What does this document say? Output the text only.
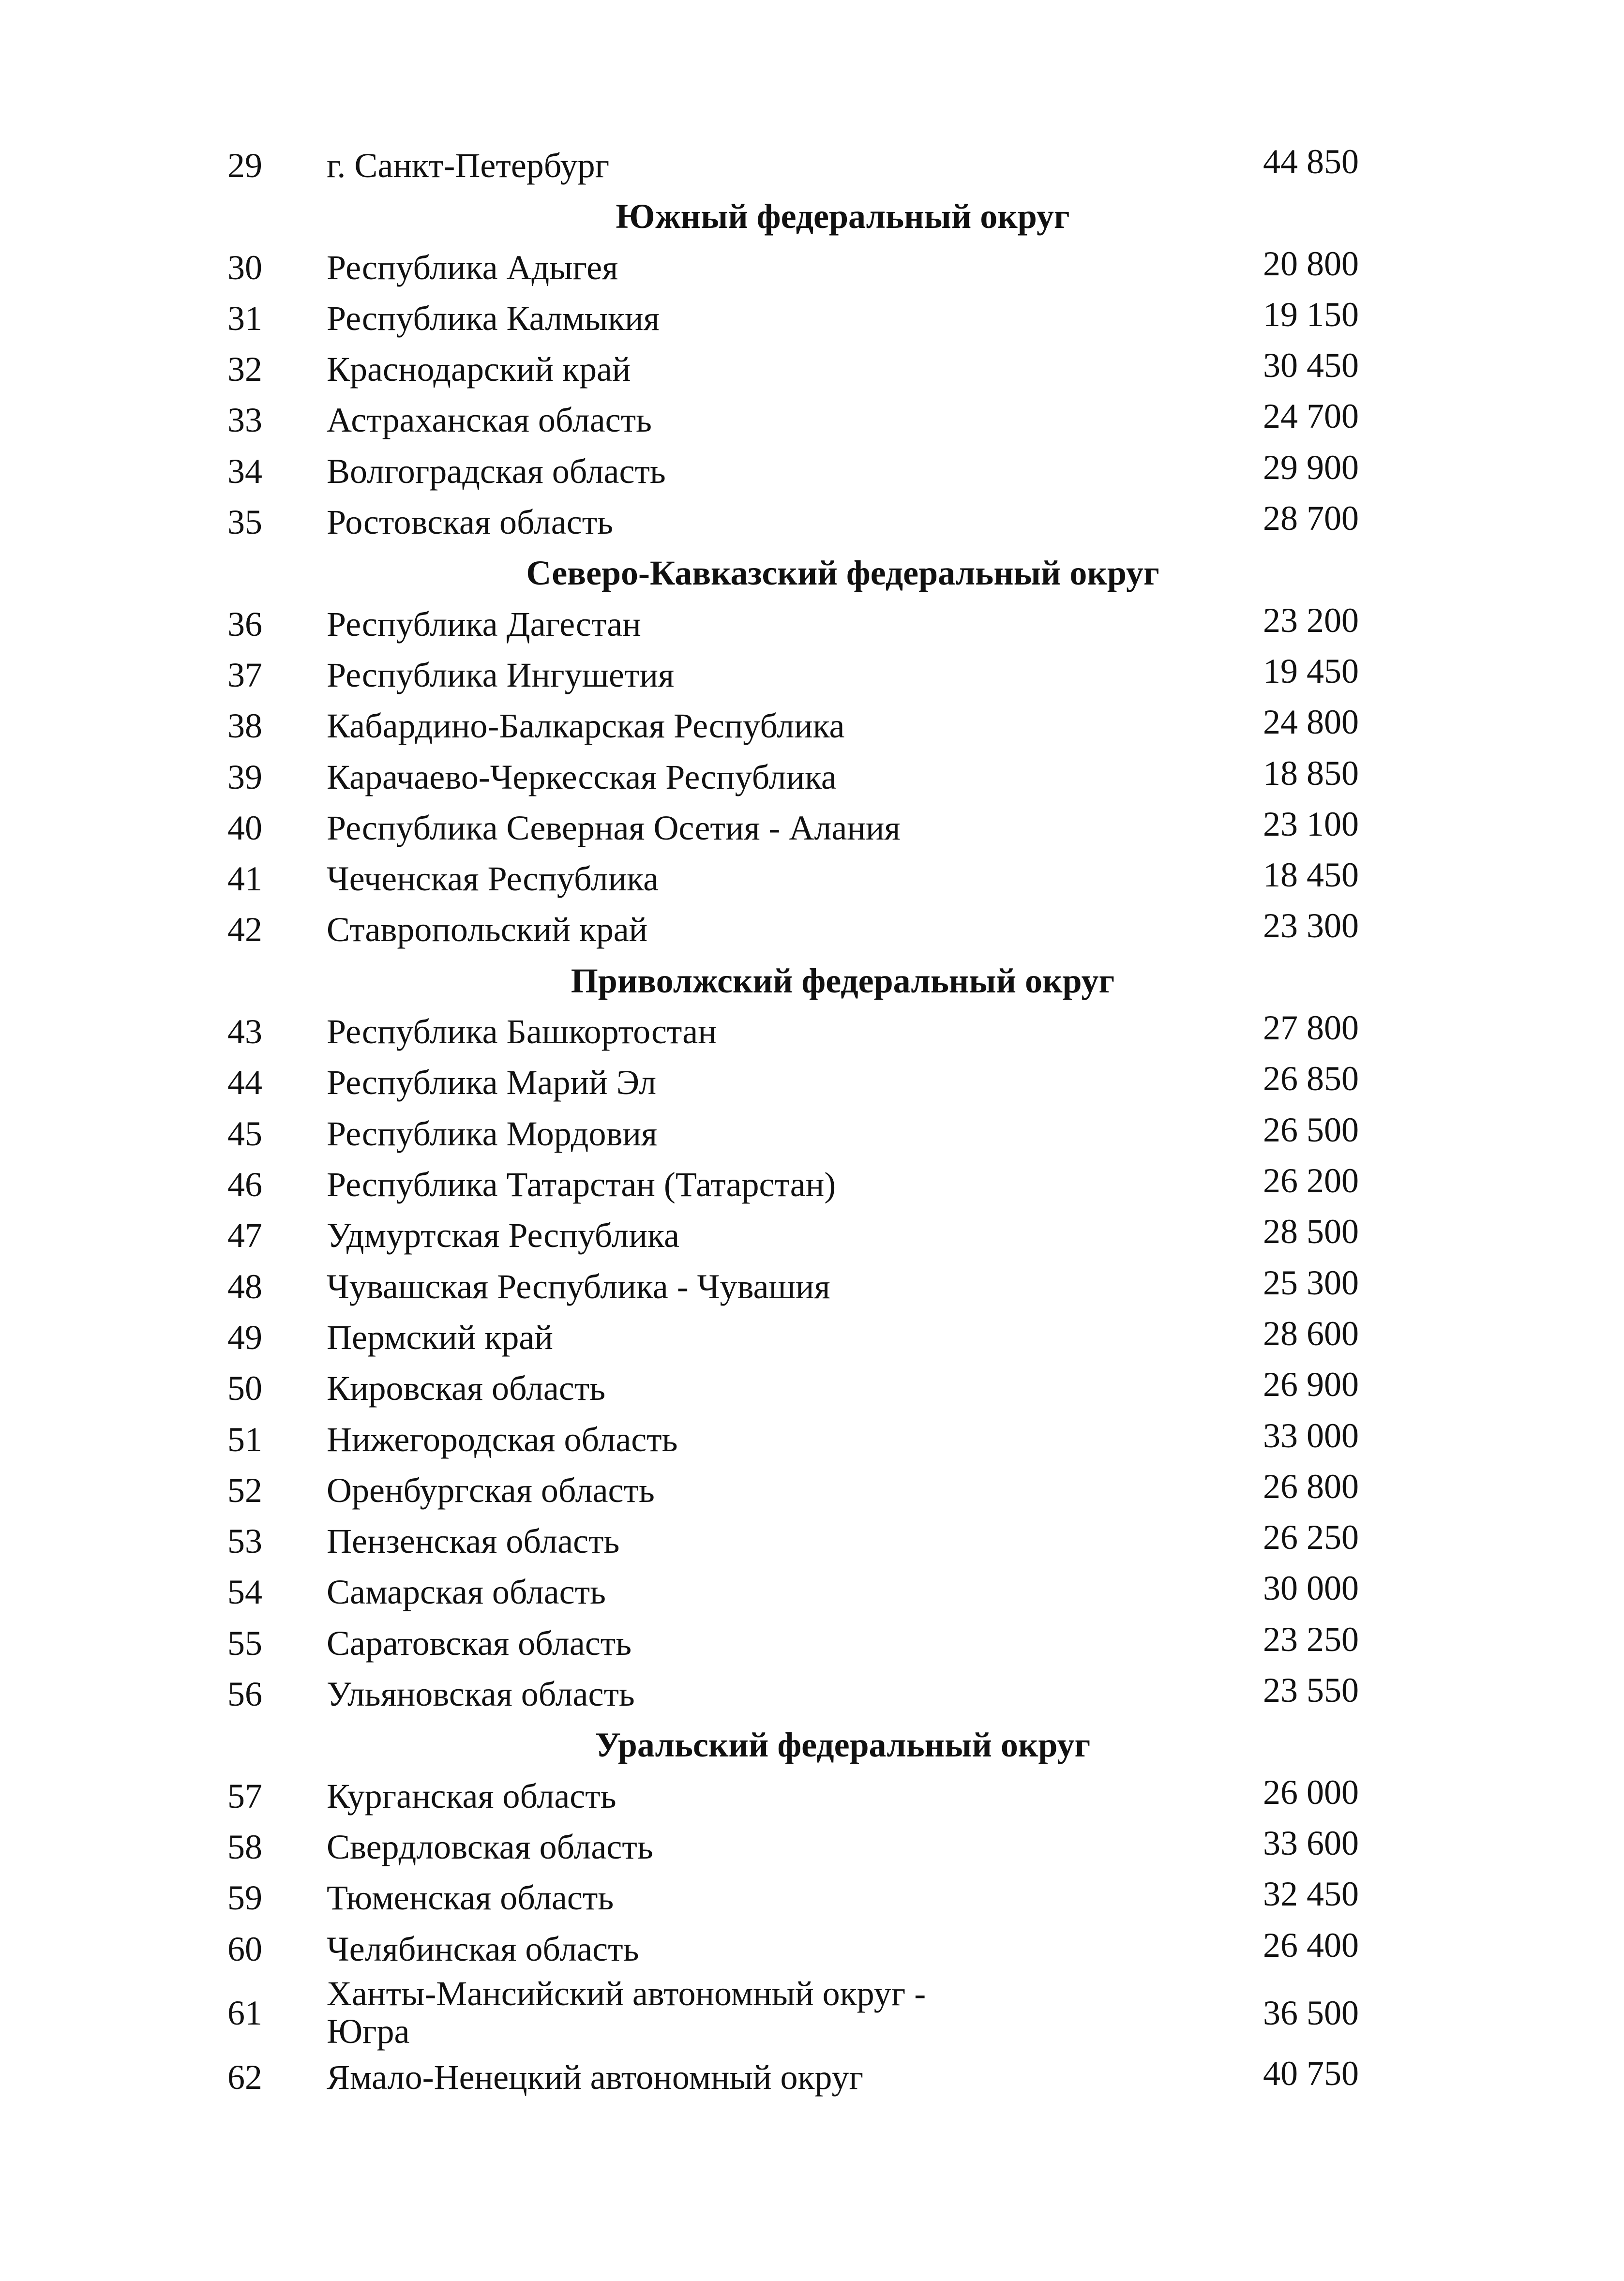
29	г. Санкт-Петербург	44 850
Южный федеральный округ
30	Республика Адыгея	20 800
31	Республика Калмыкия	19 150
32	Краснодарский край	30 450
33	Астраханская область	24 700
34	Волгоградская область	29 900
35	Ростовская область	28 700
Северо-Кавказский федеральный округ
36	Республика Дагестан	23 200
37	Республика Ингушетия	19 450
38	Кабардино-Балкарская Республика	24 800
39	Карачаево-Черкесская Республика	18 850
40	Республика Северная Осетия - Алания	23 100
41	Чеченская Республика	18 450
42	Ставропольский край	23 300
Приволжский федеральный округ
43	Республика Башкортостан	27 800
44	Республика Марий Эл	26 850
45	Республика Мордовия	26 500
46	Республика Татарстан (Татарстан)	26 200
47	Удмуртская Республика	28 500
48	Чувашская Республика - Чувашия	25 300
49	Пермский край	28 600
50	Кировская область	26 900
51	Нижегородская область	33 000
52	Оренбургская область	26 800
53	Пензенская область	26 250
54	Самарская область	30 000
55	Саратовская область	23 250
56	Ульяновская область	23 550
Уральский федеральный округ
57	Курганская область	26 000
58	Свердловская область	33 600
59	Тюменская область	32 450
60	Челябинская область	26 400
61	Ханты-Мансийский автономный округ - Югра	36 500
62	Ямало-Ненецкий автономный округ	40 750
